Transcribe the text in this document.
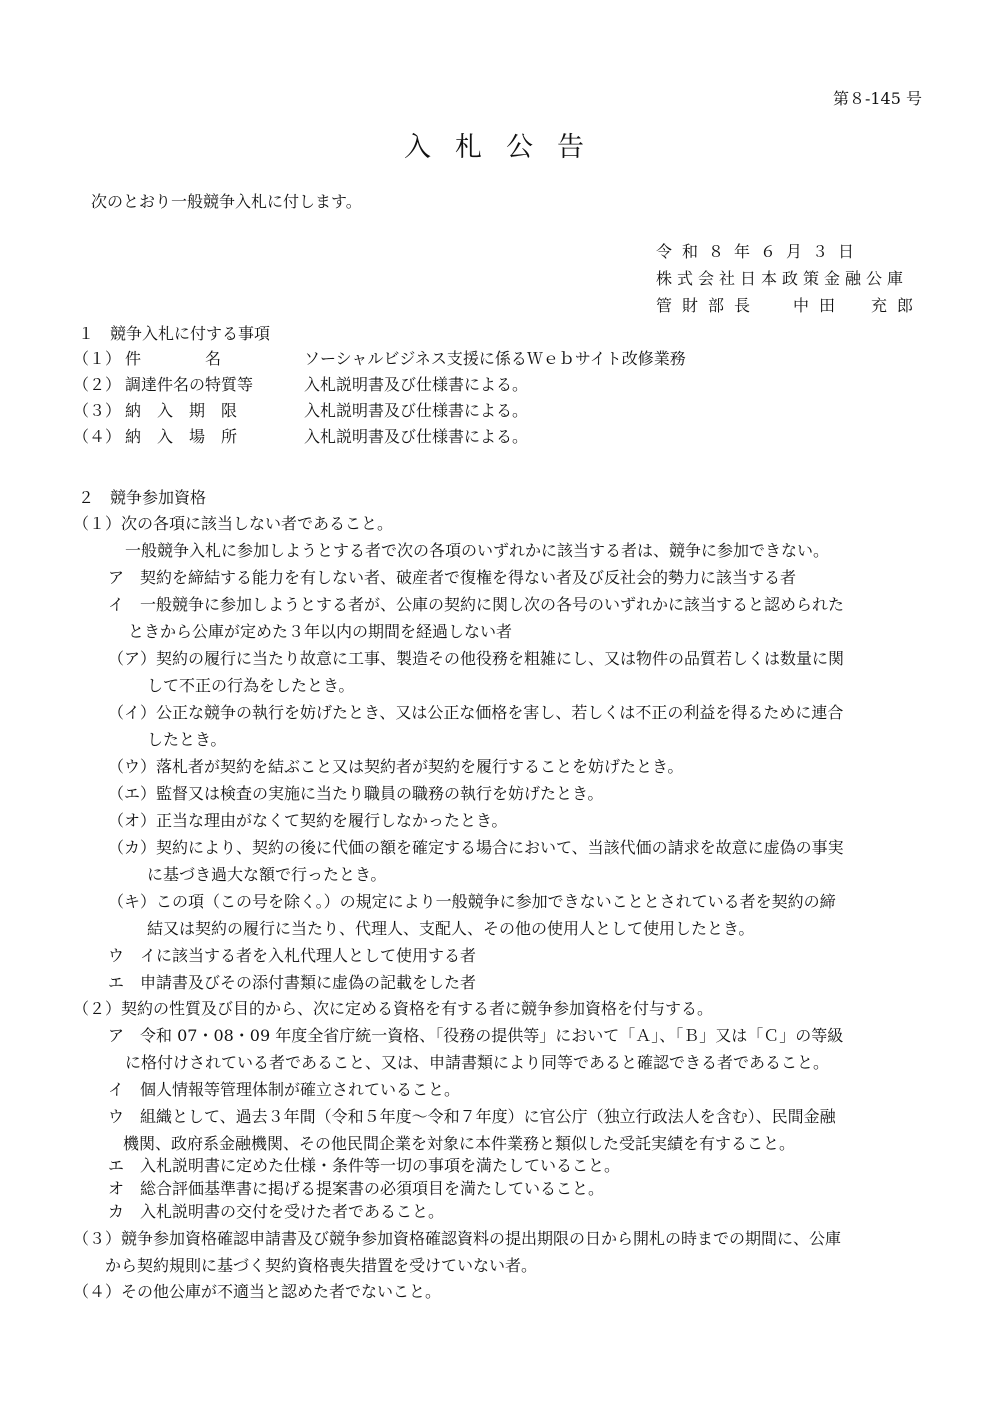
第８-145 号
入札公告
次のとおり一般競争入札に付します。
令和８年６月３日
株式会社日本政策金融公庫
管財部長 中田　充郎
１　競争入札に付する事項
（１） 件　　　　名	ソーシャルビジネス支援に係るＷｅｂサイト改修業務
（２） 調達件名の特質等	入札説明書及び仕様書による。
（３） 納　入　期　限	入札説明書及び仕様書による。
（４） 納　入　場　所	入札説明書及び仕様書による。
２　競争参加資格
（１）次の各項に該当しない者であること。
一般競争入札に参加しようとする者で次の各項のいずれかに該当する者は、競争に参加できない。
ア　契約を締結する能力を有しない者、破産者で復権を得ない者及び反社会的勢力に該当する者
イ　一般競争に参加しようとする者が、公庫の契約に関し次の各号のいずれかに該当すると認められた
ときから公庫が定めた３年以内の期間を経過しない者
（ア）契約の履行に当たり故意に工事、製造その他役務を粗雑にし、又は物件の品質若しくは数量に関
して不正の行為をしたとき。
（イ）公正な競争の執行を妨げたとき、又は公正な価格を害し、若しくは不正の利益を得るために連合
したとき。
（ウ）落札者が契約を結ぶこと又は契約者が契約を履行することを妨げたとき。
（エ）監督又は検査の実施に当たり職員の職務の執行を妨げたとき。
（オ）正当な理由がなくて契約を履行しなかったとき。
（カ）契約により、契約の後に代価の額を確定する場合において、当該代価の請求を故意に虚偽の事実
に基づき過大な額で行ったとき。
（キ）この項（この号を除く。）の規定により一般競争に参加できないこととされている者を契約の締
結又は契約の履行に当たり、代理人、支配人、その他の使用人として使用したとき。
ウ　イに該当する者を入札代理人として使用する者
エ　申請書及びその添付書類に虚偽の記載をした者
（２）契約の性質及び目的から、次に定める資格を有する者に競争参加資格を付与する。
ア　令和 07・08・09 年度全省庁統一資格、「役務の提供等」において「Ａ」、「Ｂ」又は「Ｃ」の等級
に格付けされている者であること、又は、申請書類により同等であると確認できる者であること。
イ　個人情報等管理体制が確立されていること。
ウ　組織として、過去３年間（令和５年度～令和７年度）に官公庁（独立行政法人を含む）、民間金融
機関、政府系金融機関、その他民間企業を対象に本件業務と類似した受託実績を有すること。
エ　入札説明書に定めた仕様・条件等一切の事項を満たしていること。
オ　総合評価基準書に掲げる提案書の必須項目を満たしていること。
カ　入札説明書の交付を受けた者であること。
（３）競争参加資格確認申請書及び競争参加資格確認資料の提出期限の日から開札の時までの期間に、公庫
から契約規則に基づく契約資格喪失措置を受けていない者。
（４）その他公庫が不適当と認めた者でないこと。
